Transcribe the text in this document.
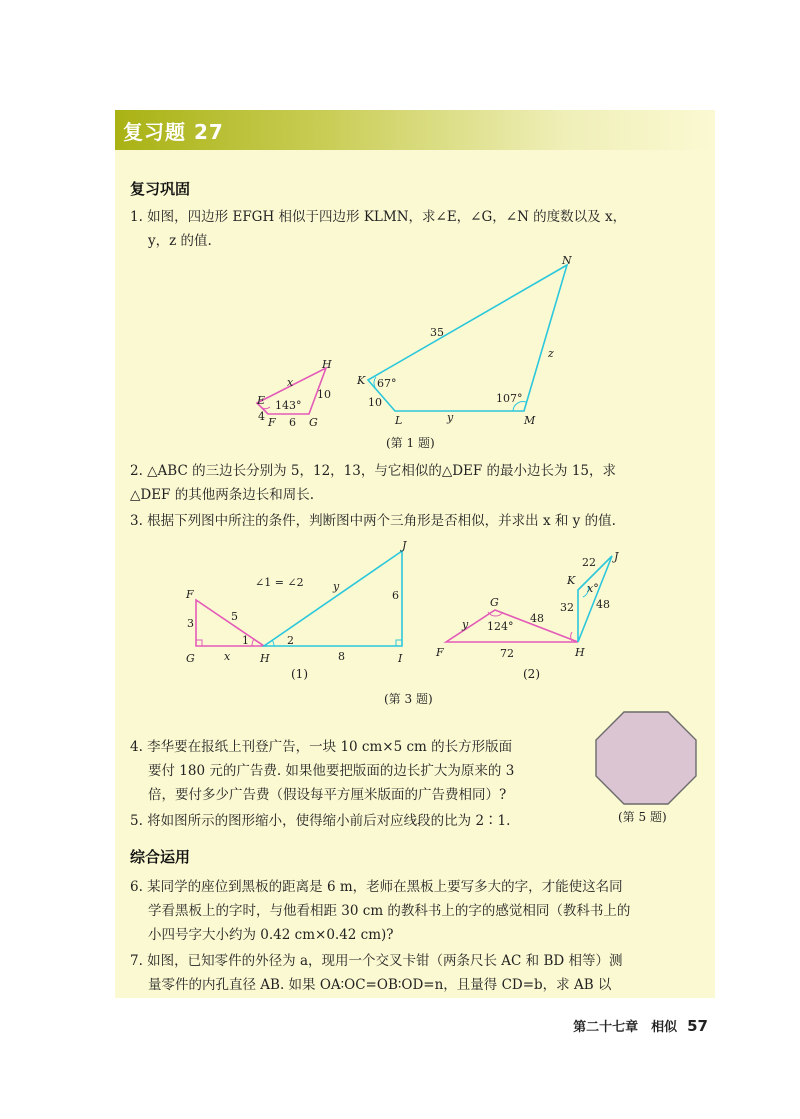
复习题 27
复习巩固
1. 如图，四边形 EFGH 相似于四边形 KLMN，求∠E，∠G，∠N 的度数以及 x，
y，z 的值.
E
F	G
H
x
4 6
10
143°
K
L	M
N
35
10
y
z
67°
107°
(第 1 题)
2. △ABC 的三边长分别为 5，12，13，与它相似的△DEF 的最小边长为 15，求
△DEF 的其他两条边长和周长.
3. 根据下列图中所注的条件，判断图中两个三角形是否相似，并求出 x 和 y 的值.
F
G	H	I
J
∠1 = ∠2
1	2
5
3
x
y
8
6
F
G
H
J
K
y 124°
48
72
22
32 48
x°
(1)	(2)
(第 3 题)
4. 李华要在报纸上刊登广告，一块 10 cm×5 cm 的长方形版面
要付 180 元的广告费. 如果他要把版面的边长扩大为原来的 3
倍，要付多少广告费（假设每平方厘米版面的广告费相同）?
5. 将如图所示的图形缩小，使得缩小前后对应线段的比为 2∶1.	(第 5 题)
综合运用
6. 某同学的座位到黑板的距离是 6 m，老师在黑板上要写多大的字，才能使这名同
学看黑板上的字时，与他看相距 30 cm 的教科书上的字的感觉相同（教科书上的
小四号字大小约为 0.42 cm×0.42 cm)?
7. 如图，已知零件的外径为 a，现用一个交叉卡钳（两条尺长 AC 和 BD 相等）测
量零件的内孔直径 AB. 如果 OA∶OC=OB∶OD=n，且量得 CD=b，求 AB 以
第二十七章　相似 57
